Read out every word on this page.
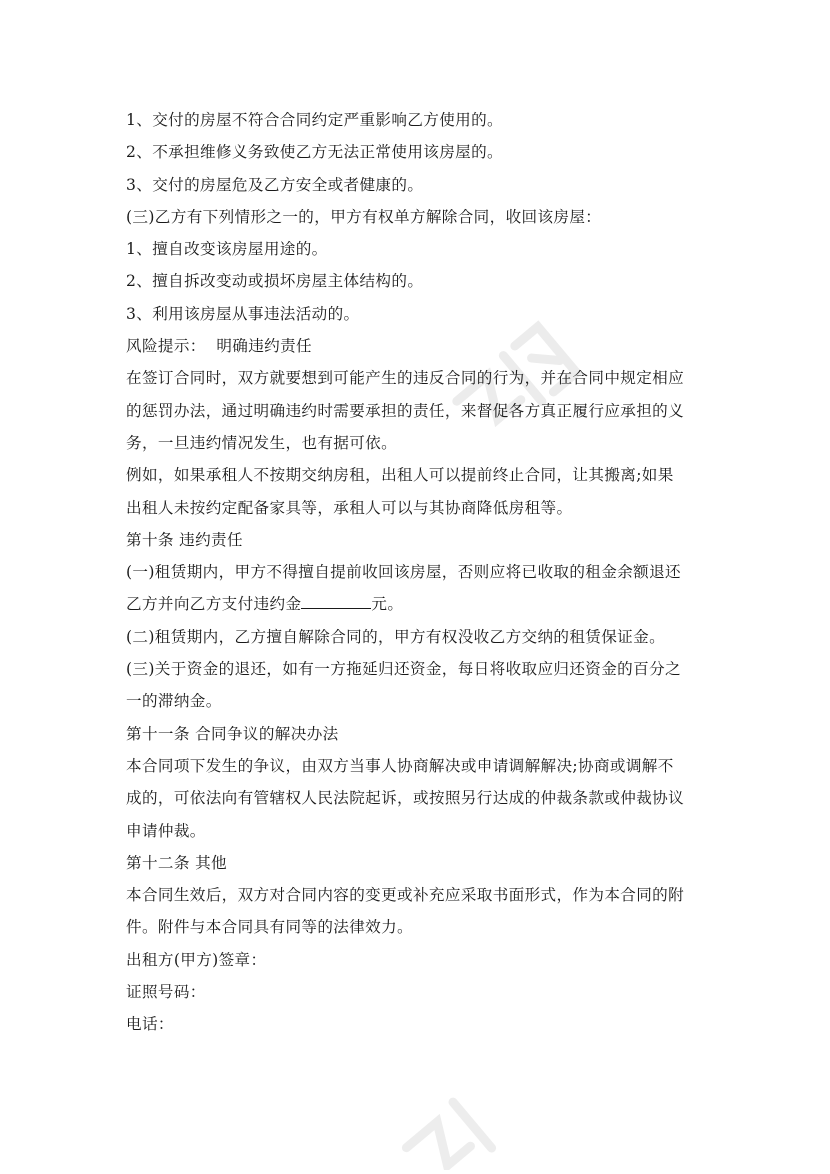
1、交付的房屋不符合合同约定严重影响乙方使用的。

2、不承担维修义务致使乙方无法正常使用该房屋的。

3、交付的房屋危及乙方安全或者健康的。

(三)乙方有下列情形之一的，甲方有权单方解除合同，收回该房屋：

1、擅自改变该房屋用途的。

2、擅自拆改变动或损坏房屋主体结构的。

3、利用该房屋从事违法活动的。

风险提示：  明确违约责任

在签订合同时，双方就要想到可能产生的违反合同的行为，并在合同中规定相应

的惩罚办法，通过明确违约时需要承担的责任，来督促各方真正履行应承担的义

务，一旦违约情况发生，也有据可依。

例如，如果承租人不按期交纳房租，出租人可以提前终止合同，让其搬离;如果

出租人未按约定配备家具等，承租人可以与其协商降低房租等。

第十条 违约责任

(一)租赁期内，甲方不得擅自提前收回该房屋，否则应将已收取的租金余额退还

乙方并向乙方支付违约金	元。

(二)租赁期内，乙方擅自解除合同的，甲方有权没收乙方交纳的租赁保证金。

(三)关于资金的退还，如有一方拖延归还资金，每日将收取应归还资金的百分之

一的滞纳金。

第十一条 合同争议的解决办法

本合同项下发生的争议，由双方当事人协商解决或申请调解解决;协商或调解不

成的，可依法向有管辖权人民法院起诉，或按照另行达成的仲裁条款或仲裁协议

申请仲裁。

第十二条 其他

本合同生效后，双方对合同内容的变更或补充应采取书面形式，作为本合同的附

件。附件与本合同具有同等的法律效力。

出租方(甲方)签章：

证照号码：

电话：
